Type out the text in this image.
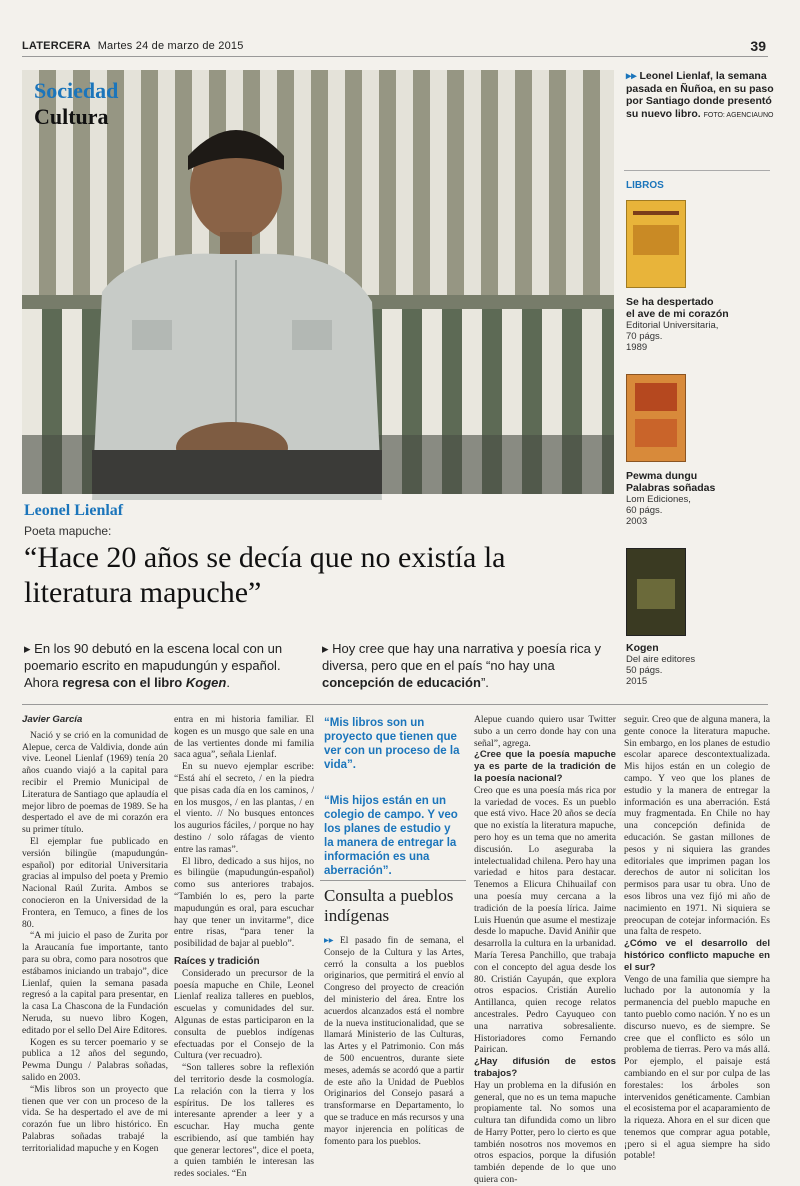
LATERCERA Martes 24 de marzo de 2015	39
Sociedad
Cultura
▸▸ Leonel Lienlaf, la semana pasada en Ñuñoa, en su paso por Santiago donde presentó su nuevo libro. FOTO: AGENCIAUNO
LIBROS
Se ha despertado
el ave de mi corazón
Editorial Universitaria,
70 págs.
1989
Pewma dungu
Palabras soñadas
Lom Ediciones,
60 págs.
2003
Kogen
Del aire editores
50 págs.
2015
Leonel Lienlaf
Poeta mapuche:
“Hace 20 años se decía que no existía la literatura mapuche”
▸ En los 90 debutó en la escena local con un poemario escrito en mapudungún y español. Ahora regresa con el libro Kogen.
▸ Hoy cree que hay una narrativa y poesía rica y diversa, pero que en el país “no hay una concepción de educación”.

Javier García

Nació y se crió en la comunidad de Alepue, cerca de Valdivia, donde aún vive. Leonel Lienlaf (1969) tenía 20 años cuando viajó a la capital para recibir el Premio Municipal de Literatura de Santiago que aplaudía el mejor libro de poemas de 1989. Se ha despertado el ave de mi corazón era su primer título.

El ejemplar fue publicado en versión bilingüe (mapudungún-español) por editorial Universitaria gracias al impulso del poeta y Premio Nacional Raúl Zurita. Ambos se conocieron en la Universidad de la Frontera, en Temuco, a fines de los 80.

“A mi juicio el paso de Zurita por la Araucanía fue importante, tanto para su obra, como para nosotros que estábamos iniciando un trabajo”, dice Lienlaf, quien la semana pasada regresó a la capital para presentar, en la casa La Chascona de la Fundación Neruda, su nuevo libro Kogen, editado por el sello Del Aire Editores.

Kogen es su tercer poemario y se publica a 12 años del segundo, Pewma Dungu / Palabras soñadas, salido en 2003.

“Mis libros son un proyecto que tienen que ver con un proceso de la vida. Se ha despertado el ave de mi corazón fue un libro histórico. En Palabras soñadas trabajé la territorialidad mapuche y en Kogen

entra en mi historia familiar. El kogen es un musgo que sale en una de las vertientes donde mi familia saca agua”, señala Lienlaf.

En su nuevo ejemplar escribe: “Está ahí el secreto, / en la piedra que pisas cada día en los caminos, / en los musgos, / en las plantas, / en el viento. // No busques entonces los augurios fáciles, / porque no hay destino / solo ráfagas de viento entre las ramas”.

El libro, dedicado a sus hijos, no es bilingüe (mapudungún-español) como sus anteriores trabajos. “También lo es, pero la parte mapudungún es oral, para escuchar hay que tener un invitarme”, dice entre risas, “para tener la posibilidad de bajar al pueblo”.

Raíces y tradición

Considerado un precursor de la poesía mapuche en Chile, Leonel Lienlaf realiza talleres en pueblos, escuelas y comunidades del sur. Algunas de estas participaron en la consulta de pueblos indígenas efectuadas por el Consejo de la Cultura (ver recuadro).

“Son talleres sobre la reflexión del territorio desde la cosmología. La relación con la tierra y los espíritus. De los talleres es interesante aprender a leer y a escuchar. Hay mucha gente escribiendo, así que también hay que generar lectores”, dice el poeta, a quien también le interesan las redes sociales. “En

“Mis libros son un proyecto que tienen que ver con un proceso de la vida”.
“Mis hijos están en un colegio de campo. Y veo los planes de estudio y la manera de entregar la información es una aberración”.
Consulta a pueblos indígenas
▸▸ El pasado fin de semana, el Consejo de la Cultura y las Artes, cerró la consulta a los pueblos originarios, que permitirá el envío al Congreso del proyecto de creación del ministerio del área. Entre los acuerdos alcanzados está el nombre de la nueva institucionalidad, que se llamará Ministerio de las Culturas, las Artes y el Patrimonio. Con más de 500 encuentros, durante siete meses, además se acordó que a partir de este año la Unidad de Pueblos Originarios del Consejo pasará a transformarse en Departamento, lo que se traduce en más recursos y una mayor injerencia en políticas de fomento para los pueblos.

Alepue cuando quiero usar Twitter subo a un cerro donde hay con una señal”, agrega.

¿Cree que la poesía mapuche ya es parte de la tradición de la poesía nacional?

Creo que es una poesía más rica por la variedad de voces. Es un pueblo que está vivo. Hace 20 años se decía que no existía la literatura mapuche, pero hoy es un tema que no amerita discusión. Lo aseguraba la intelectualidad chilena. Pero hay una variedad e hitos para destacar. Tenemos a Elicura Chihuailaf con una poesía muy cercana a la tradición de la poesía lírica. Jaime Luis Huenún que asume el mestizaje desde lo mapuche. David Aniñir que desarrolla la cultura en la urbanidad. María Teresa Panchillo, que trabaja con el concepto del agua desde los 80. Cristián Cayupán, que explora otros espacios. Cristián Aurelio Antillanca, quien recoge relatos ancestrales. Pedro Cayuqueo con una narrativa sobresaliente. Historiadores como Fernando Pairican.

¿Hay difusión de estos trabajos?

Hay un problema en la difusión en general, que no es un tema mapuche propiamente tal. No somos una cultura tan difundida como un libro de Harry Potter, pero lo cierto es que también nosotros nos movemos en otros espacios, porque la difusión también depende de lo que uno quiera con-

seguir. Creo que de alguna manera, la gente conoce la literatura mapuche. Sin embargo, en los planes de estudio escolar aparece descontextualizada. Mis hijos están en un colegio de campo. Y veo que los planes de estudio y la manera de entregar la información es una aberración. Está muy fragmentada. En Chile no hay una concepción definida de educación. Se gastan millones de pesos y ni siquiera las grandes editoriales que imprimen pagan los derechos de autor ni solicitan los permisos para usar tu obra. Uno de esos libros una vez fijó mi año de nacimiento en 1971. Ni siquiera se preocupan de cotejar información. Es una falta de respeto.

¿Cómo ve el desarrollo del histórico conflicto mapuche en el sur?

Vengo de una familia que siempre ha luchado por la autonomía y la permanencia del pueblo mapuche en tanto pueblo como nación. Y no es un discurso nuevo, es de siempre. Se cree que el conflicto es sólo un problema de tierras. Pero va más allá. Por ejemplo, el paisaje está cambiando en el sur por culpa de las forestales: los árboles son intervenidos genéticamente. Cambian el ecosistema por el acaparamiento de la riqueza. Ahora en el sur dicen que tenemos que comprar agua potable, ¡pero si el agua siempre ha sido potable!
